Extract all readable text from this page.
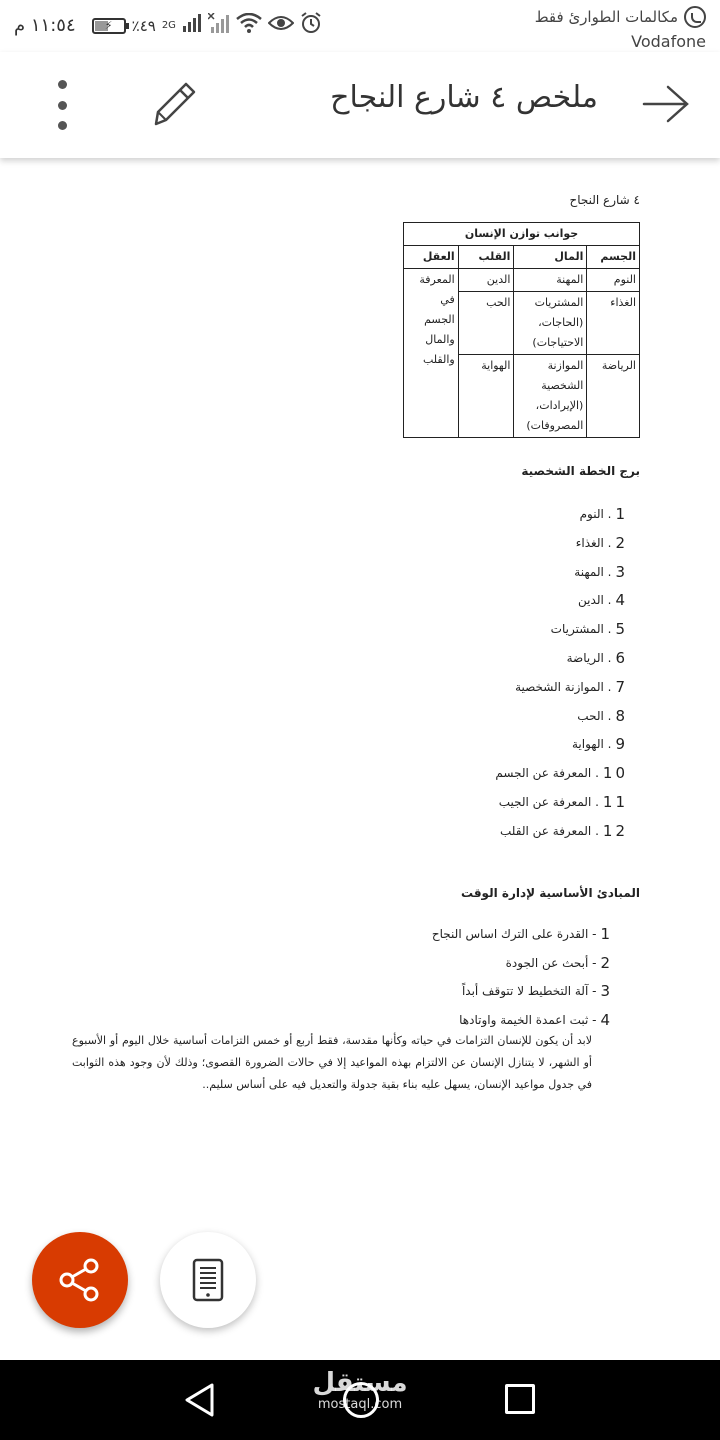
١١:٥٤ م	⚡ ٪٤٩ 2G	مكالمات الطوارئ فقط
Vodafone
ملخص ٤ شارع النجاح
٤ شارع النجاح
جوانب توازن الإنسان			
الجسم	المال	القلب	العقل
النوم	المهنة	الدين	المعرفة في الجسم والمال والقلب
الغذاء	المشتريات (الحاجات، الاحتياجات)	الحب	
الرياضة	الموازنة الشخصية (الإيرادات، المصروفات)	الهواية	
برج الخطة الشخصية
1
. النوم
2
. الغذاء
3
. المهنة
4
. الدين
5
. المشتريات
6
. الرياضة
7
. الموازنة الشخصية
8
. الحب
9
. الهواية
10
. المعرفة عن الجسم
11
. المعرفة عن الجيب
12
. المعرفة عن القلب
المبادئ الأساسية لإدارة الوقت
1
- القدرة على الترك اساس النجاح
2
- أبحث عن الجودة
3
- آلة التخطيط لا تتوقف أبداً
4
- ثبت اعمدة الخيمة واوتادها

لابد أن يكون للإنسان التزامات في حياته وكأنها مقدسة، فقط أربع أو خمس التزامات أساسية خلال اليوم أو الأسبوع أو الشهر، لا يتنازل الإنسان عن الالتزام بهذه المواعيد إلا في حالات الضرورة القصوى؛ وذلك لأن وجود هذه الثوابت في جدول مواعيد الإنسان، يسهل عليه بناء بقية جدولة والتعديل فيه على أساس سليم..

مستقل
mostaql.com
